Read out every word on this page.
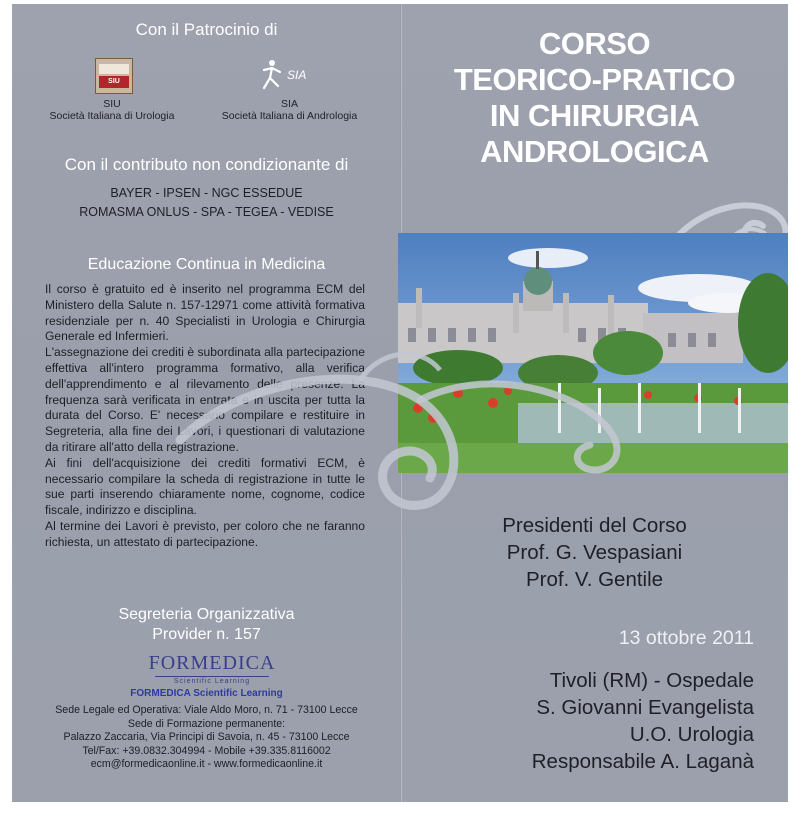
Con il Patrocinio di
SIU
SIU
Società Italiana di Urologia
SIA
SIA
Società Italiana di Andrologia
Con il contributo non condizionante di
BAYER - IPSEN - NGC ESSEDUE
ROMASMA ONLUS - SPA - TEGEA - VEDISE
Educazione Continua in Medicina

Il corso è gratuito ed è inserito nel programma ECM del Ministero della Salute n. 157-12971 come attività formativa residenziale per n. 40 Specialisti in Urologia e Chirurgia Generale ed Infermieri.

L'assegnazione dei crediti è subordinata alla partecipazione effettiva all'intero programma formativo, alla verifica dell'apprendimento e al rilevamento delle presenze. La frequenza sarà verificata in entrata e in uscita per tutta la durata del Corso. E' necessario compilare e restituire in Segreteria, alla fine dei Lavori, i questionari di valutazione da ritirare all'atto della registrazione.

Ai fini dell'acquisizione dei crediti formativi ECM, è necessario compilare la scheda di registrazione in tutte le sue parti inserendo chiaramente nome, cognome, codice fiscale, indirizzo e disciplina.

Al termine dei Lavori è previsto, per coloro che ne faranno richiesta, un attestato di partecipazione.

Segreteria Organizzativa
Provider n. 157
FORMEDICA
Scientific Learning
FORMEDICA Scientific Learning
Sede Legale ed Operativa: Viale Aldo Moro, n. 71 - 73100 Lecce
Sede di Formazione permanente:
Palazzo Zaccaria, Via Principi di Savoia, n. 45 - 73100 Lecce
Tel/Fax: +39.0832.304994 - Mobile +39.335.8116002
ecm@formedicaonline.it - www.formedicaonline.it
CORSO
TEORICO-PRATICO
IN CHIRURGIA
ANDROLOGICA
Presidenti del Corso
Prof. G. Vespasiani
Prof. V. Gentile
13 ottobre 2011
Tivoli (RM) - Ospedale
S. Giovanni Evangelista
U.O. Urologia
Responsabile A. Laganà
